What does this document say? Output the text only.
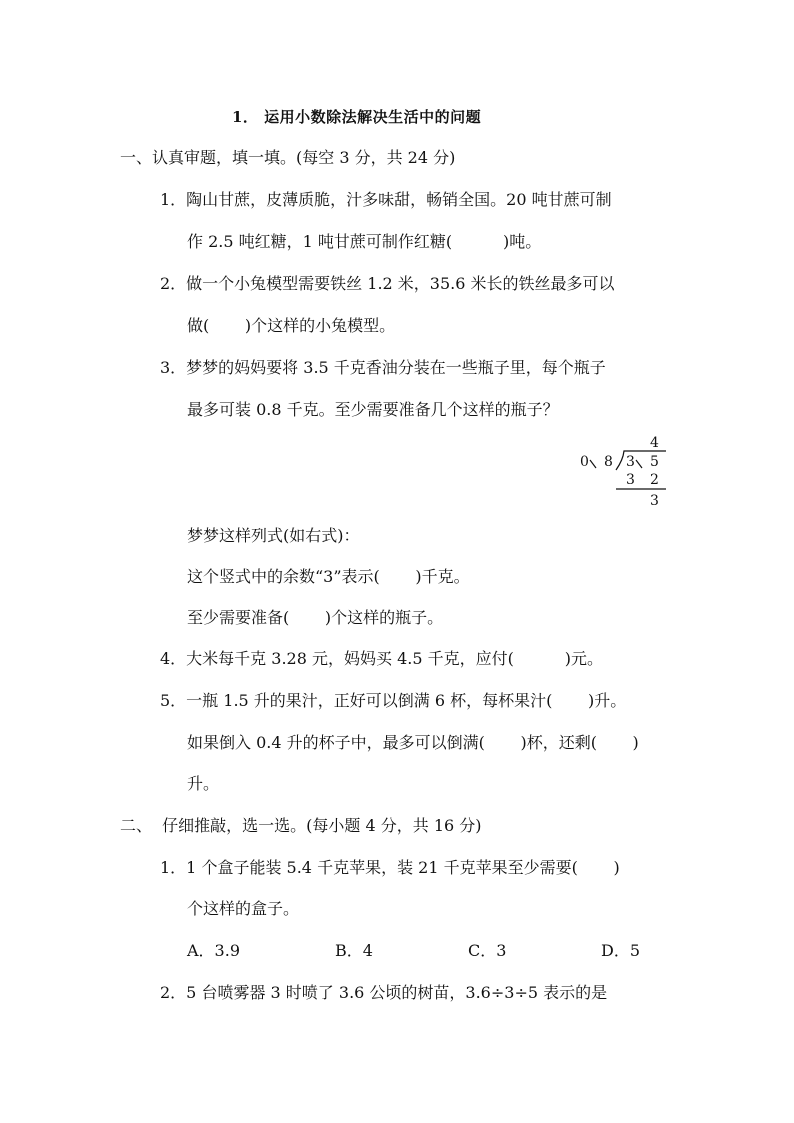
1． 运用小数除法解决生活中的问题
一、认真审题，填一填。(每空 3 分，共 24 分)
1．陶山甘蔗，皮薄质脆，汁多味甜，畅销全国。20 吨甘蔗可制
作 2.5 吨红糖，1 吨甘蔗可制作红糖(          )吨。
2．做一个小兔模型需要铁丝 1.2 米，35.6 米长的铁丝最多可以
做(       )个这样的小兔模型。
3．梦梦的妈妈要将 3.5 千克香油分装在一些瓶子里，每个瓶子
最多可装 0.8 千克。至少需要准备几个这样的瓶子？
4
0 8 3 5
3 2
3
梦梦这样列式(如右式)：
这个竖式中的余数“3”表示(       )千克。
至少需要准备(       )个这样的瓶子。
4．大米每千克 3.28 元，妈妈买 4.5 千克，应付(          )元。
5．一瓶 1.5 升的果汁，正好可以倒满 6 杯，每杯果汁(       )升。
如果倒入 0.4 升的杯子中，最多可以倒满(       )杯，还剩(       )
升。
二、  仔细推敲，选一选。(每小题 4 分，共 16 分)
1．1 个盒子能装 5.4 千克苹果，装 21 千克苹果至少需要(       )
个这样的盒子。
A．3.9	B．4	C．3	D．5
2．5 台喷雾器 3 时喷了 3.6 公顷的树苗，3.6÷3÷5 表示的是
